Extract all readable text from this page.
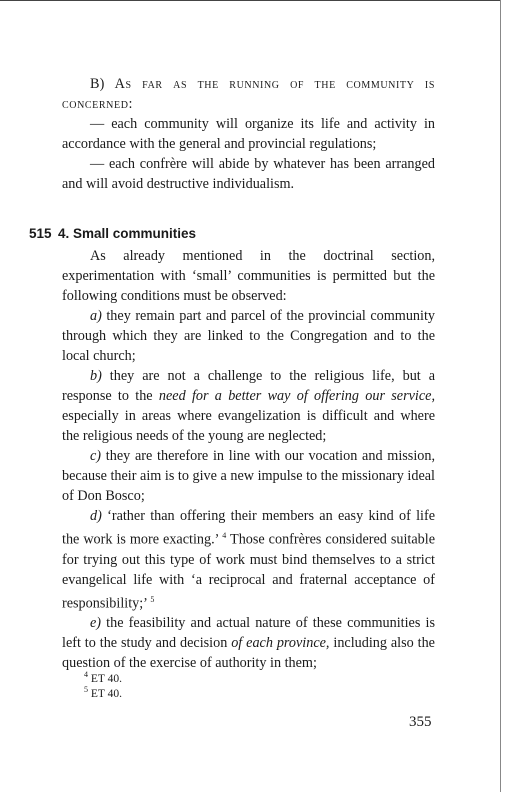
B) As far as the running of the community is concerned:

— each community will organize its life and activity in accordance with the general and provincial regulations;

— each confrère will abide by whatever has been arranged and will avoid destructive individualism.

515 4. Small communities

As already mentioned in the doctrinal section, experimentation with ‘small’ communities is permitted but the following conditions must be observed:

a) they remain part and parcel of the provincial community through which they are linked to the Congregation and to the local church;

b) they are not a challenge to the religious life, but a response to the need for a better way of offering our service, especially in areas where evangelization is difficult and where the religious needs of the young are neglected;

c) they are therefore in line with our vocation and mission, because their aim is to give a new impulse to the missionary ideal of Don Bosco;

d) ‘rather than offering their members an easy kind of life the work is more exacting.’ $^4$ Those confrères considered suitable for trying out this type of work must bind themselves to a strict evangelical life with ‘a reciprocal and fraternal acceptance of responsibility;’ $^5$

e) the feasibility and actual nature of these communities is left to the study and decision of each province, including also the question of the exercise of authority in them;

$^4$ ET 40.
$^5$ ET 40.
355
